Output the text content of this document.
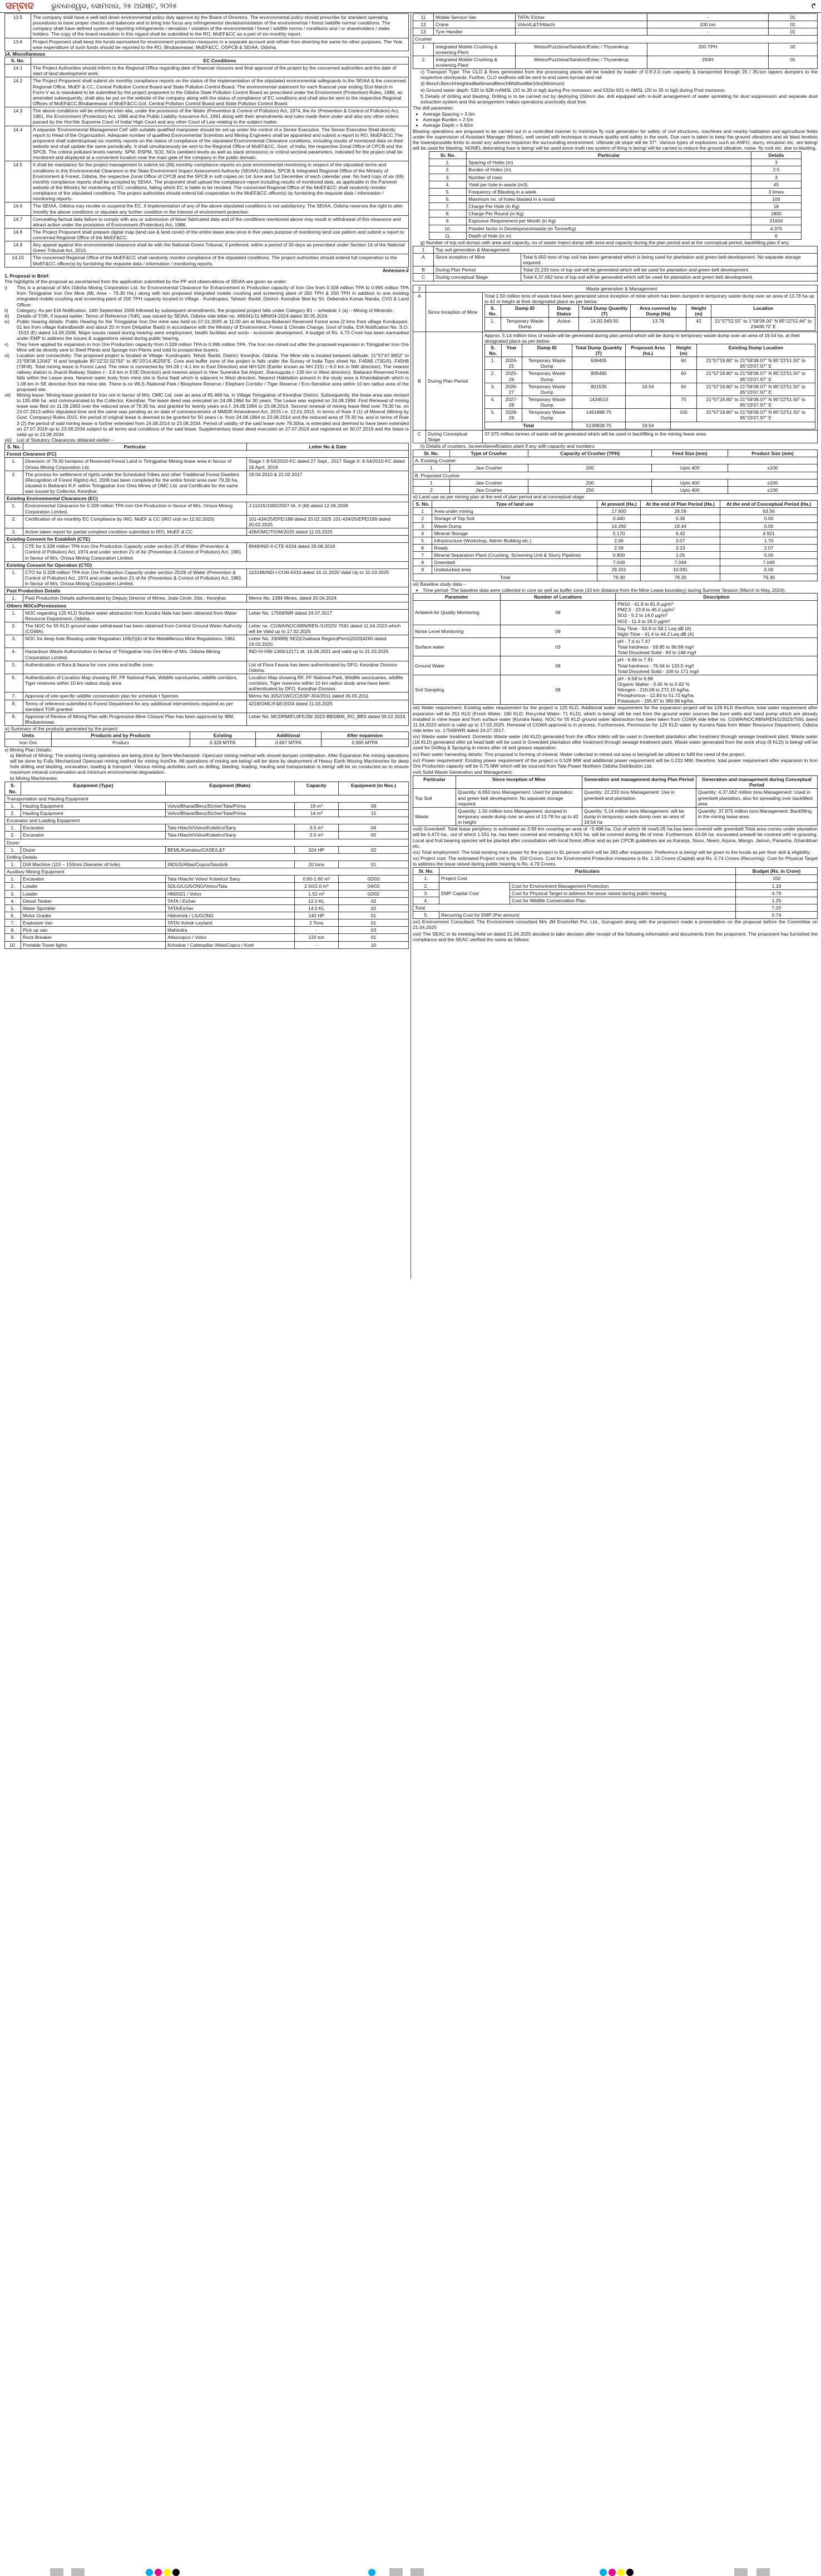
ସମ୍ବାଦ ଭୁବନେଶ୍ୱର, ସୋମବାର, ୨୫ ଅଗଷ୍ଟ, ୨୦୨୫	୯
13.5	The company shall have a well laid down environmental policy duly approve by the Board of Directors. The environmental policy should prescribe for standard operating procedures to have proper checks and balances and to bring into focus any infringements/ deviation/violation of the environmental / forest /wildlife norms/ conditions. The company shall have defined system of reporting infringements / deviation / violation of the environmental / forest / wildlife norms / conditions and / or shareholders / stake holders. The copy of the board resolution in this regard shall be submitted to the RO, MoEF&CC as a part of six-monthly report.
13.6	Project Proponent shall keep the funds earmarked for environment protection measures in a separate account and refrain from diverting the same for other purposes. The Year wise expenditure of such funds should be reported to the RO, Bhubaneswar, MoEF&CC, OSPCB & SEIAA, Odisha.
14. Miscellaneous
S. No.	EC Conditions
14.1	The Project Authorities should inform to the Regional Office regarding date of financial closures and final approval of the project by the concerned authorities and the date of start of land development work.
14.2	The Project Proponent shall submit six monthly compliance reports on the status of the implementation of the stipulated environmental safeguards to the SEIAA & the concerned Regional Office, MoEF & CC, Central Pollution Control Board and State Pollution Control Board. The environmental statement for each financial year ending 31st March in Form-V as is mandated to be submitted by the project proponent to the Odisha State Pollution Control Board as prescribed under the Environment (Protection) Rules, 1986, as amended subsequently, shall also be put on the website of the company along with the status of compliance of EC conditions and shall also be sent to the respective Regional Offices of MoEF&CC,Bhubaneswar of MoEF&CC,GoI, Central Pollution Control Board and State Pollution Control Board.
14.3	The above conditions will be enforced inter-alia, under the provisions of the Water (Prevention & Control of Pollution) Act, 1974, the Air (Prevention & Control of Pollution) Act, 1981, the Environment (Protection) Act, 1986 and the Public Liability Insurance Act, 1991 along with their amendments and rules made there under and also any other orders passed by the Hon'ble Supreme Court of India/ High Court and any other Court of Law relating to the subject matter.
14.4	A separate 'Environmental Management Cell' with suitable qualified manpower should be set-up under the control of a Senior Executive. The Senior Executive Shall directly report to Head of the Organization. Adequate number of qualified Environmental Scientists and Mining Engineers shall be appointed and submit a report to RO, MoEF&CC.The proponent shall submit/upload six monthly reports on the status of compliance of the stipulated Environmental Clearance conditions, including results of monitored data on their website and shall update the same periodically. It shall simultaneously be sent to the Regional Office of MoEF&CC, Govt. of India, the respective Zonal Office of CPCB and the SPCB. The criteria pollutant levels namely; SPM, RSPM, SO2, NOx (ambient levels as well as stack emissions) or critical sectoral parameters, indicated for the project shall be monitored and displayed at a convenient location near the main gate of the company in the public domain.
14.5	It shall be mandatory for the project management to submit six (06) monthly compliance reports on post environmental monitoring in respect of the stipulated terms and conditions in this Environmental Clearance to the State Environment Impact Assessment Authority (SEIAA),Odisha, SPCB & Integrated Regional Office of the Ministry of Environment & Forest, Odisha, the respective Zonal Office of CPCB and the SPCB in soft copies on 1st June and 1st December of each calendar year. No hard copy of six (06) monthly compliance reports shall be accepted by SEIAA. The proponent shall upload the compliance report including results of monitored data, as applicable in the Parivesh website of the Ministry for monitoring of EC conditions, failing which EC is liable to be revoked. The concerned Regional Office of the MoEF&CC shall randomly monitor compliance of the stipulated conditions. The project authorities should extend full cooperation to the MoEF&CC officer(s) by furnishing the requisite data / information / monitoring reports.
14.6	The SEIAA, Odisha may revoke or suspend the EC, if implementation of any of the above stipulated conditions is not satisfactory. The SEIAA, Odisha reserves the right to alter /modify the above conditions or stipulate any further condition in the interest of environment protection.
14.7	Concealing factual data failure to comply with any or submission of false/ fabricated data and of the conditions mentioned above may result in withdrawal of this clearance and attract action under the provisions of Environment (Protection) Act, 1986.
14.8	The Project Proponent shall prepare digital map (land use & land cover) of the entire lease area once in five years purpose of monitoring land use pattern and submit a report to concerned Regional Office of the MoEF&CC.
14.9	Any appeal against this environmental clearance shall lie with the National Green Tribunal, if preferred, within a period of 30 days as prescribed under Section 16 of the National Green Tribunal Act, 2010.
14.10	The concerned Regional Office of the MoEF&CC shall randomly monitor compliance of the stipulated conditions. The project authorities should extend full cooperation to the MoEF&CC officer(s) by furnishing the requisite data / information / monitoring reports.
Annexure-2
1. Proposal in Brief:

The highlights of the proposal as ascertained from the application submitted by the PP and observations of SEIAA are given as under:

i)	This is a proposal of M/s Odisha Mining Corporation Ltd. for Environmental Clearance for Enhancement in Production capacity of Iron Ore from 0.328 million TPA to 0.995 million TPA from Tiringpahar Iron Ore Mine (ML Area – 79.30 Ha.) along with two proposed integrated mobile crushing and screening plant of 200 TPH & 250 TPH in addition to one existing integrated mobile crushing and screening plant of 200 TPH capacity located in Village - Kundrupani, Tahasil- Barbil, District- Keonjhar filed by Sri. Debendra Kumar Nanda, CVO & Land Officer.
ii)	Category: As per EIA Notification, 14th September 2006 followed by subsequent amendments, the proposed project falls under Category B1 – schedule 1 (a) – Mining of Minerals.
iii)	Details of TOR, if issued earlier: Terms of Reference (ToR), was issued by SEIAA, Odisha vide letter no. 469341/11-MIN/04-2024 dated 30.05.2024.
iv)	Public hearing details: Public Hearing for the Tiringpahar Iron Ore mine was held on 07.01.2025 at 11:00 am at Mouza-Baitarani Reserved Forest area (2 kms from village Kundurpani, 01 km from village Kahndbandh and about 20 m from Delpahar Basti) in accordance with the Ministry of Environment, Forest & Climate Change, Govt of India, EIA Notification No. S.O. -1533 (E) dated 14.09.2006. Major issues raised during hearing were employment, health facilities and socio - economic development. A budget of Rs. 4.73 Crore has been earmarked under EMP to address the issues & suggestions raised during public hearing.
v)	They have applied for expansion in Iron Ore Production capacity from 0.328 million TPA to 0.995 million TPA. The Iron ore mined out after the proposed expansion in Tiringpahar Iron Ore Mine will be directly sent to Steel Plants and Sponge iron Plants and sold to prospective buyers.
vi)	Location and connectivity: The proposed project is located at Village- Kundrupani, Tehsil: Barbil, District: Keonjhar, Odisha. The Mine site is located between latitude: 21°57'47.9952" to 21°58'08.12042" N and longitude 85°22'22.02792" to 85°23'14.45259"E. Core and buffer zone of the project is falls under the Survey of India Topo sheet No. F45N5 (73G/5), F45H8 (73F/8). Total mining lease is Forest Land. The mine is connected by SH-28 (~4.1 km in East Direction) and NH-520 (Earlier known as NH 215) (~6.0 km in NW direction). The nearest railway station is Jharoli Railway Station (~ 3.6 km in ESE Direction) and nearest airport is Veer Surendra Sai Airport, Jharsuguda (~135 km in West direction). Baitarani Reserved Forest falls within the Lease area. Nearest water body from mine site is Suna Nadi which is adjacent in West direction. Nearest Habitation present in the study area is Khandabandh which is 1.08 km in SE direction from the mine site. There is no WLS /National Park / Biosphere Reserve / Elephant Corridor / Tiger Reserve / Eco-Sensitive area within 10 km radius area of the proposed site.
vii)	Mining lease: Mining lease granted for Iron ore in favour of M/s. OMC Ltd. over an area of 85.469 ha. in Village Tiringpahar of Keonjhar District. Subsequently, the lease area was revised to 135.466 ha. and communicated to the Collector, Keonjhar. The lease deed was executed on 24.08.1964 for 30 years. The Lease was expired on 24.08.1994. First Renewal of mining lease was filed on 11.08.1993 over the reduced area of 79.30 ha. and granted for twenty years w.e.f. 24.08.1994 to 23.08.2014. Second renewal of mining lease filed over 79.30 ha. on 23.07.2013 within stipulated time and the same was pending as on date of commencement of MMDR Amendment Act, 2015 i.e. 12.01.2015. In terms of Rule 3 (1) of Mineral (Mining by Govt. Company) Rules 2015, the period of original lease is deemed to be granted for 50 years i.e. from 24.08.1964 to 23.08.2014 and the reduced area of 79.30 ha. and in terms of Rule 3 (2) the period of said mining lease is further extended from 24.08.2014 to 23.08.2034. Period of validity of the said lease over 79.30ha. is extended and deemed to have been extended on 27.07.2019 up to 23.08.2034 subject to all terms and conditions of the said lease. Supplementary lease deed executed on 27.07.2019 and registered on 30.07.2019 and the lease is valid up to 23.08.2034
viii)	List of Statutory Clearances obtained earlier –
S. No.	Particular	Letter No & Date
Forest Clearance (FC)		
1.	Diversion of 79.30 hectares of Reserved Forest Land in Tiringpahar Mining lease area in favour of Orissa Mining Corporation Ltd.	Stage I: 8-54/2010-FC dated 27 Sept., 2017 Stage II: 8-54/2010-FC dated 18 April, 2019
2.	The process for settlement of rights under the Scheduled Tribes and other Traditional Forest Dwellers (Recognition of Forest Rights) Act, 2006 has been completed for the entire forest area over 79.30 ha. situated in Baitarani R.F. within Tiringpahar Iron Ores Mines of OMC Ltd. and Certificate for the same was issued by Collector, Keonjhar.	19.04.2010 & 22.02.2017
Existing Environmental Clearances (EC)		
1.	Environmental Clearance for 0.328 million TPA Iron Ore Production in favour of M/s. Orissa Mining Corporation Limited.	J-11015/1082/2007-IA. II (M) dated 12.06.2008
2.	Certification of six-monthly EC Compliance by IRO, MoEF & CC (IRO visit on 12.02.2025)	101-434/25/EPE/188 dated 20.02.2025 101-434/25/EPE/189 dated 20.02.2025
3.	Action taken report for partial complied condition submitted to IRO, MoEF & CC	428/OMC/TIOM/2025 dated 11.03.2025
Existing Consent for Establish (CTE)		
1.	CTE for 0.328 million TPA Iron Ore Production Capacity under section 25 of Water (Prevention & Control of Pollution) Act, 1974 and under section 21 of Air (Prevention & Control of Pollution) Act, 1981 in favour of M/s. Orissa Mining Corporation Limited.	8948/IND-II-CTE-6334 dated 29.08.2019
Existing Consent for Operation (CTO)		
1.	CTO for 0.328 million TPA Iron Ore Production Capacity under section 25/26 of Water (Prevention & Control of Pollution) Act, 1974 and under section 21 of Air (Prevention & Control of Pollution) Act, 1981 in favour of M/s. Orissa Mining Corporation Limited.	110248/IND-I-CON-6333 dated 16.11.2020 Valid Up to 31.03.2025
Past Production Details		
1.	Past Production Details authenticated by Deputy Director of Mines, Joda Circle, Dist.- Keonjhar.	Memo No. 1384 Mines, dated 20.04.2024
Others NOCs/Permissions		
1.	NOC regarding 125 KLD Surface water abstraction from Kundra Nala has been obtained from Water Resource Department, Odisha.	Letter No. 17569/WR dated 24.07.2017
2.	The NOC for 55 KLD ground water withdrawal has been obtained from Central Ground Water Authority (CGWA).	Letter no. CGWA/NOC/MIN/REN /1/2023/ 7591 dated 11.04.2023 which will be Valid up to 17.02.2025
3.	NOC for deep hole Blasting under Regulation 106(2)(b) of the Metalliferous Mine Regulations, 1961	Letter No. 330899| SEZ|Chaibasa Region|Perm|2020|4260 dated 19.03.2020.
4.	Hazardous Waste Authorization in favour of Tiringpahar Iron Ore Mine of M/s. Odisha Mining Corporation Limited.	IND-IV-HW-1366/12171 dt. 16.08.2021 and valid up to 31.03.2025
5.	Authentication of flora & fauna for core zone and buffer zone.	List of Flora Fauna has been authenticated by DFO, Keonjhar Division Odisha.
6.	Authentication of Location Map showing RF, PF National Park, Wildlife sanctuaries, wildlife corridors, Tiger reserves within 10 km radius study area	Location Map showing RF, PF National Park, Wildlife sanctuaries, wildlife corridors, Tiger reserves within 10 km radius study area have been authenticated by DFO, Keonjhar-Division.
7.	Approval of site-specific wildlife conservation plan for schedule I Species	Memo No 3052/1WC(C)SSP-304/2011 dated 05.05.2011
8.	Terms of reference submitted to Forest Department for any additional interventions required as per standard TOR granted	4218/OMC/F&E/2024 dated 11.03.2025
9.	Approval of Review of Mining Plan with Progressive Mine Closure Plan has been approved by IBM, Bhubaneswar.	Letter No. MCDRMIFL0FE/28/ 2023-BBSIBM_RO_BBS dated 06.02.2024.
ix) Summary of the products generated by the project:
Units	Products and by Products	Existing	Additional	After expansion
Iron Ore	Product	0.328 MTPA	0.667 MTPA	0.995 MTPA
x) Mining Plan Details:

a) Method of Mining: The existing mining operations are being done by Semi Mechanized- Opencast mining method with shovel dumper combination. After Expansion the mining operations will be done by Fully Mechanized Opencast mining method for mining IronOre. All operations of mining are being/ will be done by deployment of Heavy Earth Moving Machineries for deep hole drilling and blasting, excavation, loading & transport. Various mining activities such as drilling, blasting, loading, hauling and transportation is being/ will be so conducted as to ensure maximum mineral conservation and minimum environmental degradation.

b) Mining Machineries:

S. No.	Equipment (Type)	Equipment (Make)	Capacity	Equipment (in Nos.)
Transportation and Hauling Equipment				
1.	Hauling Equipment	Volvo/Bharat/Benz/Eicher/Tata/Prima	19 m³	09
2.	Hauling Equipment	Volvo/Bharat/Benz/Eicher/Tata/Prima	14 m³	15
Excavator and Loading Equipment				
1.	Excavator	Tata Hitachi/Volvo/Kobelco/Sany	3.5 m³	04
2.	Excavator	Tata Hitachi/Volvo/Kobelco/Sany	2.5 m³	05
Dozer				
1.	Dozer	BEML/Komatsu/CASE/L&T	324 HP	02
Drilling Details				
1.	Drill Machine (115 – 150mm Diameter of hole)	INDUS/Atlas/Copco/Sandvik	20 tons	01
Auxiliary Mining Equipment				
1.	Excavator	Tata Hitachi/ Volvo/ Kobelco/ Sany	0.90-1.60 m³	02/03
2.	Loader	SDLG/LIUGONG/Volvo/Tata	2.50/2.0 m³	04/03
3.	Loader	HM2021 / Volvo	1.52 m³	02/02
4.	Diesel Tanker	TATA / Eicher	12.0 KL	02
5.	Water Sprinkler	TATA/Eicher	14.0 KL	02
6.	Motor Grader	Hidromek / LIUGONG	140 HP	01
7.	Explosive Van	TATA/ Ashok Leyland	2 Tons	01
8.	Pick up van	Mahindra	-	03
9.	Rock Breaker	Atlascopco / Volvo	120 ton	01
10.	Portable Tower lights	Kirloskar / Catterpillar /AtlasCopco / Koel	-	10
11	Mobile Service Van	TATA/ Eicher	-	01
12	Crane	Volvo/L&T/Hitachi	100 ton	01
13	Tyre Handler	-	-	01
Crusher				
1	Integrated Mobile Crushing & screening Plant	Metso/Puzzlona/Sandvic/Extec / Thysenkrup	200 TPH	02
2	Integrated Mobile Crushing & screening Plant	Metso/Puzzlona/Sandvic/Extec / Thysenkrup	250H	01

c) Transport Type: The CLO & fines generated from the processing plants will be loaded by loader of 0.9-2.0 cum capacity & transported through 25 / 35-ton tippers dumpers to the respective stockyards. Further, CLO andfines will be sent to end users byroad and rail

d) Bench:BenchHeightwillbe6mandBenchWidthwillbe10m(Minimum)

e) Ground water depth: 530 to 628 mAMSL (20 to 39 m bgl) during Pre monsoon: and 532to 631 m AMSL (20 to 35 m bgl) during Post monsoon.

f) Details of drilling and blasting: Drilling is to be carried out by deploying 150mm dia. drill equipped with in-built arrangement of water sprinkling for dust suppression and separate dust extraction system and this arrangement makes operations practically dust free.

The drill parameter:

• Average Spacing = 3.0m
• Average Burden = 2.5m
• Average Depth = 6.60m

Blasting operations are proposed to be carried out in a controlled manner to minimize fly rock generation for safety of civil structures, machines and nearby habitation and agricultural fields under the supervision of Assistant Manager (Mines), well versed with technique to ensure quality and safety in the work. Due care is taken to keep the ground vibrations and air blast levelsto the lowestpossible limits to avoid any adverse impacton the surrounding environment. Ultimate pit slope will be 37°. Various types of explosives such as ANFO, slurry, emulsion etc. are being/ will be used for blasting. NONEL detonating fuse is being/ will be used since multi row system of firing is being/ will be carried to reduce the ground vibration, noise, fly rock etc. due to blasting.

Sr. No.	Particular	Details
1.	Spacing of Holes (m)	3
2.	Burden of Holes (m)	2.5
3.	Number of rows	3
4.	Yield per hole in waste (m3)	45
5.	Frequency of Blasting in a week	3 times
6.	Maximum no. of holes blasted in a round	100
7.	Charge Per Hole (in Kg)	18
8.	Charge Per Round (in Kg)	1800
9.	Explosive Requirement per Month (in Kg)	21600
10.	Powder factor in Development/waste (in Tonne/Kg)	4.375
11.	Depth of Hole (in m)	6

g) Number of top soil dumps with area and capacity, no of waste /reject dump with area and capacity during the plan period and at the conceptual period, backfilling plan if any.

1	Top soil generation & Management	
A	Since inception of Mine	Total 6,650 tons of top soil has been generated which is being used for plantation and green belt development. No separate storage required.
B	During Plan Period	Total 22,233 tons of top soil will be generated which will be used for plantation and green belt development.
C	During conceptual Stage	Total 4,37,062 tons of top soil will be generated which will be used for plantation and green belt development.
2	Waste generation & Management
A	Since Inception of Mine	
Total 1.50 million tons of waste have been generated since inception of mine which has been dumped in temporary waste dump over an area of 13.78 ha up to 42 m height at their designated place as per below:
S. No.	Dump ID	Dump Status	Total Dump Quantity (T)	Area covered by Dump (Ha)	Height (m)	Location
1.	Temporary Waste Dump	Active	14,92,949.50	13.78	42	21°57'52.55" to 1°58'08.00" N 85°22'52.44" to 23#08.72' E

B	During Plan Period	
Approx. 5.14 million tons of waste will be generated during plan period which will be dump in temporary waste dump over an area of 19.54 ha. at their designated place as per below:
S. No.	Year	Dump ID	Total Dump Quantity (T)	Proposed Area (ha.)	Height (m)	Existing Dump Location
1.	2024-25	Temporary Waste Dump	636405		60	21°57'19.80" to 21°58'08.07" N 85°22'51.50" to 85°23'07.97" E
2.	2025-26	Temporary Waste Dump	805490		60	21°57'19.80" to 21°58'08.07" N 85°22'51.50" to 85°23'07.97" E
3.	2026-27	Temporary Waste Dump	801535	19.54	60	21°57'19.80" to 21°58'08.07" N 85°22'51.50" to 85°23'07.97" E
4.	2027-28	Temporary Waste Dump	1434510		75	21°57'19.80" to 21°58'08.07" N 85°22'51.50" to 85°23'07.97" E
5.	2028-29	Temporary Waste Dump	1461888.75		105	21°57'19.80" to 21°58'08.07" N 85°22'51.50" to 85°23'07.97" E
Total	5139828.75	19.54	

C	During Conceptual Stage	37.975 million tonnes of waste will be generated which will be used in backfilling in the mining lease area.

h) Details of crushers, /screen/beneficiation plant if any with capacity and numbers

Sl. No.	Type of Crusher	Capacity of Crusher (TPH)	Feed Size (mm)	Product Size (mm)
A. Existing Crusher				
1	Jaw Crusher	200	Upto 400	≤100
B. Proposed Crusher				
1	Jaw Crusher	200	Upto 400	≤100
2	Jaw Crusher	250	Upto 400	≤100

xi) Land use as per mining plan at the end of plan period and at conceptual stage

S. No.	Type of land use	At present (Ha.)	At the end of Plan Period (Ha.)	At the end of Conceptual Period (Ha.)
1	Area under mining	17.600	28.59	63.56
2	Storage of Top Soil	0.440	0.36	0.00
3	Waste Dump	14.260	19.44	0.00
4	Mineral Storage	5.170	6.42	4.921
5	Infrastructure (Workshop, Admin Building etc.)	2.06	3.07	1.70
6	Roads	2.59	3.23	2.07
7	Mineral Separation Plant (Crushing, Screening Unit & Slurry Pipeline)	0.800	1.05	0.00
8	Greenbelt	7.049	7.049	7.049
9	Undisturbed area	29.331	10.091	0.00
Total		79.30	79.30	79.30

xii) Baseline study data –

• Time period- The baseline data were collected in core as well as buffer zone (10 km distance from the Mine Lease boundary) during Summer Season (March to May, 2024).
Parameter	Number of Locations	Description
Ambient Air Quality Monitoring	09	PM10 - 41.9 to 81.9 µg/m³
PM2.5 - 23.9 to 45.0 µg/m³
SO2 - 5.2 to 14.0 µg/m³
NO2 - 11.4 to 26.0 µg/m³

Noise Level Monitoring	09	Day Time - 50.9 to 58.1 Leq dB (A)
Night Time - 41.4 to 44.2 Leq dB (A)

Surface water	03	pH - 7.4 to 7.47
Total hardness - 59.85 to 96.68 mg/l
Total Dissolved Solid - 83 to 148 mg/l

Ground Water	08	pH - 6.96 to 7.91
Total hardness - 76.04 to 133.5 mg/l
Total Dissolved Solid - 106 to 171 mg/l

Soil Sampling	08	pH - 6.58 to 6.96
Organic Matter - 0.45 % to 0.82 %
Nitrogen - 210.08 to 272.15 kg/ha.
Phosphorous - 12.83 to 51.72 kg/ha.
Potassium - 195.67 to 380.96 kg/ha.

xiii) Water requirement: Existing water requirement for the project is 125 KLD. Additional water requirement for the expansion project will be 126 KLD therefore, total water requirement after expansion will be 251 KLD (Fresh Water: 180 KLD, Recycled Water: 71 KLD), which is being/ will be met from the ground water sources like bore wells and hand pump which are already installed in mine lease and from surface water (Kundra Nala). NOC for 55 KLD ground water abstraction has been taken from CGWA vide letter no. CGWA/NOC/MIN/REN/1/2023/7591 dated 11.04.2023 which is valid up to 17.02.2025. Renewal of CGWA approval is in process. Furthermore, Permission for 125 KLD water by Kundra Nala from Water Resource Department, Odisha vide letter no. 17569/WR dated 24.07.2017.

xiv) Waste water treatment: Domestic Waste water (44 KLD) generated from the office toilets will be used in Greenbelt plantation after treatment through sewage treatment plant. Waste water (18 KLD) generated after pit head bath will be used in Greenbelt plantation after treatment through sewage treatment plant. Waste water generated from the work shop (9 KLD) is being/ will be used for Drilling & Spraying in mines after oil and grease separation.

xv) Rain water harvesting details: This proposal is forming of mineral. Water collected in mined out area is being/will be utilized to fulfil the need of the project.

xvi) Power requirement: Existing power requirement of the project is 0.528 MW and additional power requirement will be 0.222 MW; therefore, total power requirement after expansion in Iron Ore Production capacity will be 0.75 MW which will be sourced from Tata Power Northern Odisha Distribution Ltd.

xvii) Solid Waste Generation and Management:

Particular	Since inception of Mine	Generation and management during Plan Period	Generation and management during Conceptual Period
Top Soil	Quantity: 6,650 tons Management: Used for plantation and green belt development. No separate storage required.	Quantity: 22,233 tons Management: Use in greenbelt and plantation.	Quantity: 4,37,062 million tons Management: Used in greenbelt plantation, also for spreading over backfilled area
Waste	Quantity: 1.50 million tons Management: dumped in temporary waste dump over an area of 13.78 ha up to 42 m height	Quantity: 5.14 million tons Management: will be dump in temporary waste dump over an area of 19.54 ha	Quantity: 37.975 million tons Management: Backfilling in the mining lease area.

xviii) Greenbelt: Total lease periphery is estimated as 3.99 km covering an area of ~5.498 ha. Out of which till now5.05 ha.has been covered with greenbelt.Total area comes under plantation will be 6.472 ha., out of which 1.551 ha. has been covered and remaining 4.921 ha. will be covered during life of mine. Furthermore, 63.56 ha. excavated areawill be covered with re-grassing. Local and fruit bearing species will be planted after consultation with local forest officer and as per CPCB guidelines are as Karanja, Sisso, Neem, Arjuna, Mango, Jamun, Panasha, Ghambhari etc.

xix) Total employment: The total existing man power for the project is 81 person which will be 283 after expansion. Preference is being/ will be given to the locals as per their skill & eligibility.

xx) Project cost: The estimated Project cost is Rs. 150 Crores. Cost for Environment Protection measures is Rs. 1.16 Crores (Capital) and Rs. 0.74 Crores (Recurring). Cost for Physical Target to address the issue raised during public hearing is Rs. 4.79 Crores.

Sl. No.	Particulars		Budget (Rs. in Crore)
1.	Project Cost		150
2.	EMP Capital Cost	Cost for Environment Management Protection	1.16
3.		Cost for Physical Target to address the issue raised during public hearing	4.79
4.		Cost for Wildlife Conservation Plan	1.25
Total			7.20
5.	Recurring Cost for EMP (Per annum)		0.74

xxi) Environment Consultant: The Environment consultant M/s JM EnviroNet Pvt. Ltd., Gurugram along with the proponent made a presentation on the proposal before the Committee on 21.04.2025

xxii) The SEAC in its meeting held on dated 21.04.2025 decided to take decision after receipt of the following information and documents from the proponent. The proponent has furnished the compliance and the SEAC verified the same as follows:
